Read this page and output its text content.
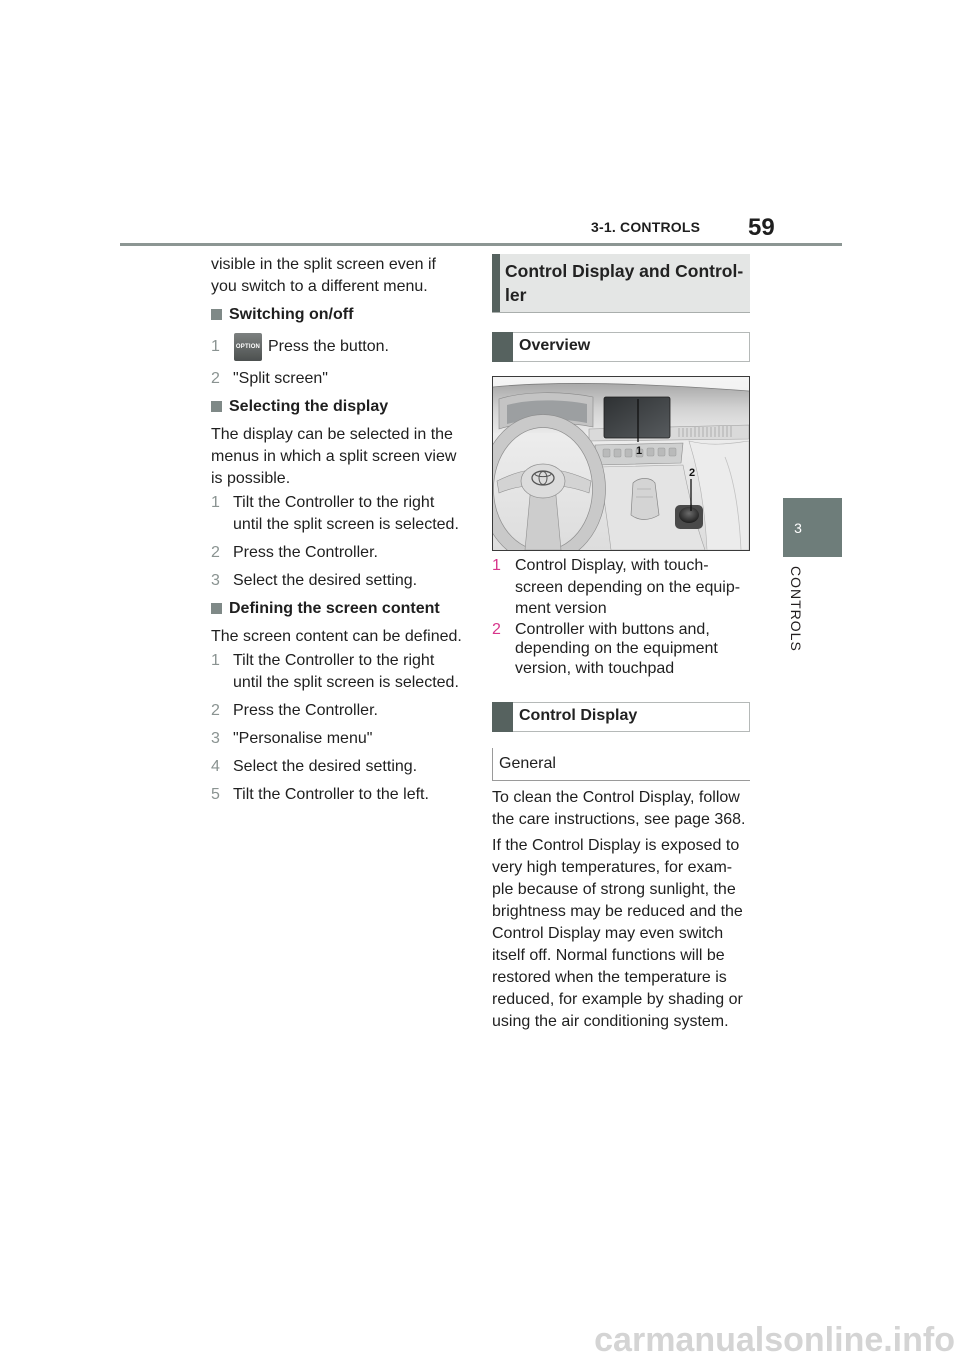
3-1. CONTROLS 59
3
CONTROLS
visible in the split screen even if
you switch to a different menu.
Switching on/off
1	OPTION Press the button.
2 "Split screen"
Selecting the display
The display can be selected in the
menus in which a split screen view
is possible.
1 Tilt the Controller to the right
until the split screen is selected.
2 Press the Controller.
3 Select the desired setting.
Defining the screen content
The screen content can be defined.
1 Tilt the Controller to the right
until the split screen is selected.
2 Press the Controller.
3 "Personalise menu"
4 Select the desired setting.
5 Tilt the Controller to the left.
Control Display and Control-
ler
Overview
1
2
1 Control Display, with touch-
screen depending on the equip-
ment version
2 Controller with buttons and,
depending on the equipment
version, with touchpad
Control Display
General
To clean the Control Display, follow
the care instructions, see page 368.
If the Control Display is exposed to
very high temperatures, for exam-
ple because of strong sunlight, the
brightness may be reduced and the
Control Display may even switch
itself off. Normal functions will be
restored when the temperature is
reduced, for example by shading or
using the air conditioning system.
carmanualsonline.info
